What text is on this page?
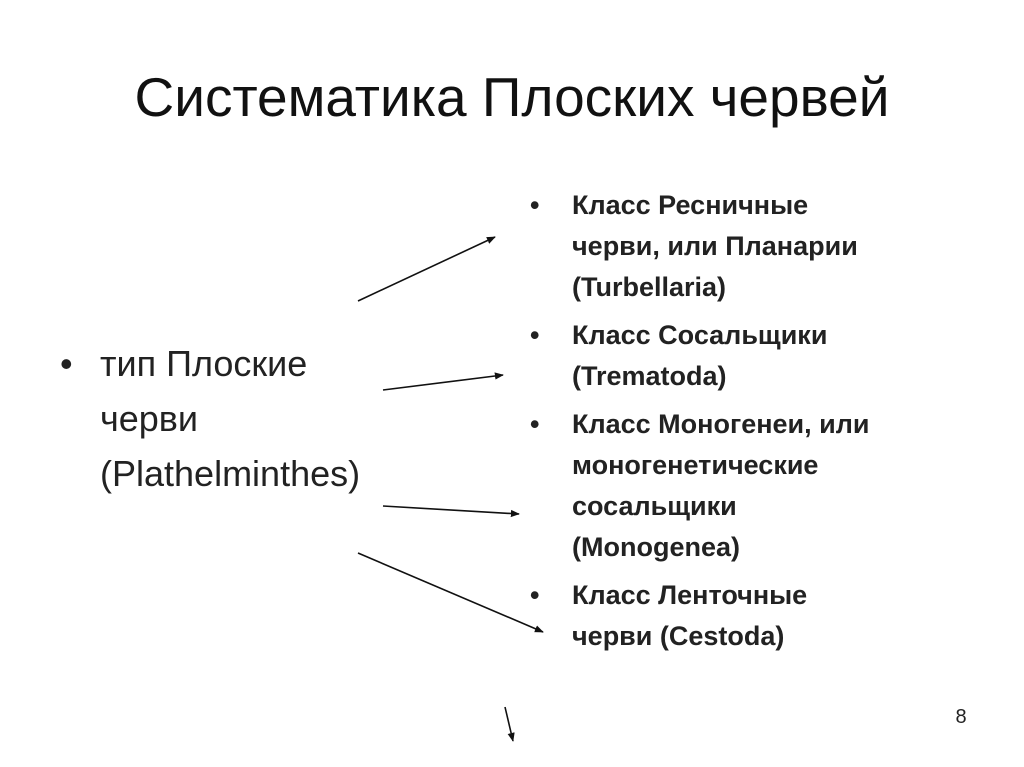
Систематика Плоских червей
• тип Плоские
черви
(Plathelminthes)
• Класс Ресничные
черви, или Планарии
(Turbellaria)
• Класс Сосальщики
(Trematoda)
• Класс Моногенеи, или
моногенетические
сосальщики
(Monogenea)
• Класс Ленточные
черви (Cestoda)
8
